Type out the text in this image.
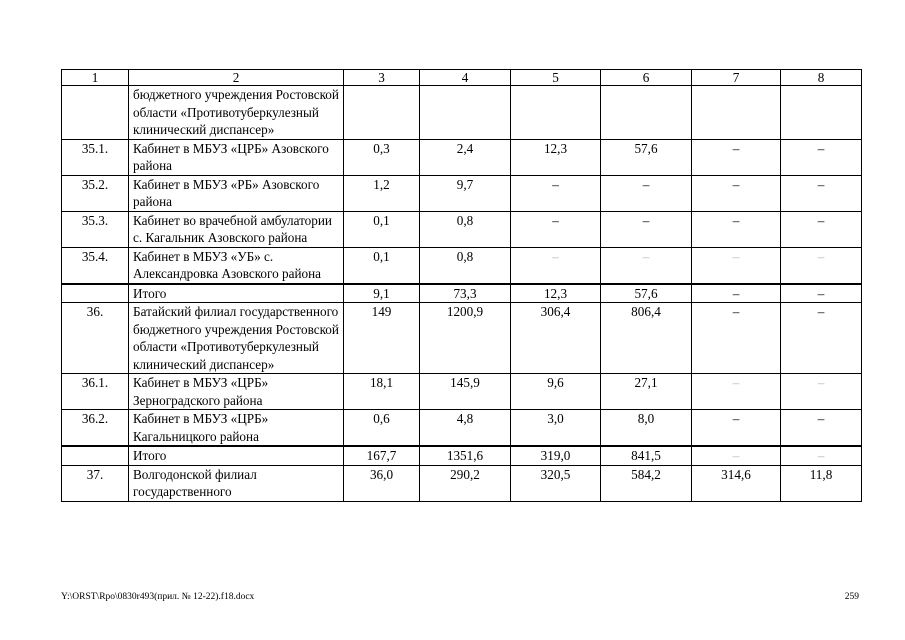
1	2	3	4	5	6	7	8
	бюджетного учреждения Ростовской области «Противотуберкулезный клинический диспансер»						
35.1.	Кабинет в МБУЗ «ЦРБ» Азовского района	0,3	2,4	12,3	57,6	–	–
35.2.	Кабинет в МБУЗ «РБ» Азовского района	1,2	9,7	–	–	–	–
35.3.	Кабинет во врачебной амбулатории с. Кагальник Азовского района	0,1	0,8	–	–	–	–
35.4.	Кабинет в МБУЗ «УБ» с. Александровка Азовского района	0,1	0,8	–	–	–	–
	Итого	9,1	73,3	12,3	57,6	–	–
36.	Батайский филиал государственного бюджетного учреждения Ростовской области «Противотуберкулезный клинический диспансер»	149	1200,9	306,4	806,4	–	–
36.1.	Кабинет в МБУЗ «ЦРБ» Зерноградского района	18,1	145,9	9,6	27,1	–	–
36.2.	Кабинет в МБУЗ «ЦРБ» Кагальницкого района	0,6	4,8	3,0	8,0	–	–
	Итого	167,7	1351,6	319,0	841,5	–	–
37.	Волгодонской филиал государственного	36,0	290,2	320,5	584,2	314,6	11,8
Y:\ORST\Rpo\0830r493(прил. № 12-22).f18.docx	259
